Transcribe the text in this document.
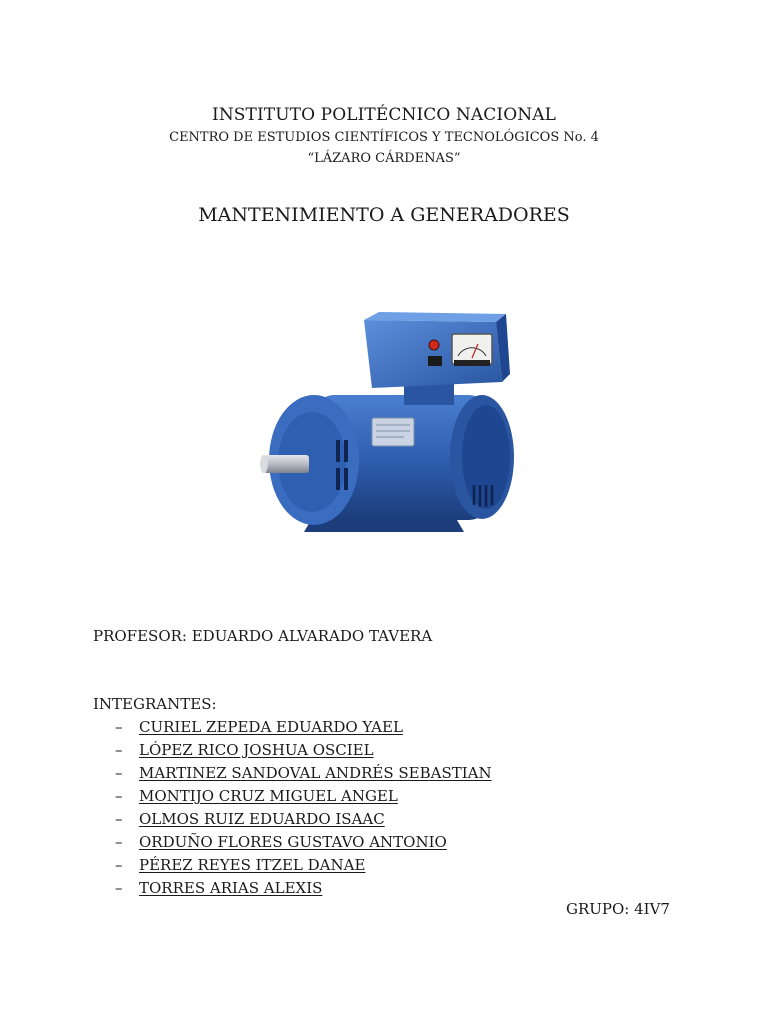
INSTITUTO POLITÉCNICO NACIONAL
CENTRO DE ESTUDIOS CIENTÍFICOS Y TECNOLÓGICOS No. 4
“LÁZARO CÁRDENAS”
MANTENIMIENTO A GENERADORES
PROFESOR: EDUARDO ALVARADO TAVERA
INTEGRANTES:
– CURIEL ZEPEDA EDUARDO YAEL
– LÓPEZ RICO JOSHUA OSCIEL
– MARTINEZ SANDOVAL ANDRÉS SEBASTIAN
– MONTIJO CRUZ MIGUEL ANGEL
– OLMOS RUIZ EDUARDO ISAAC
– ORDUÑO FLORES GUSTAVO ANTONIO
– PÉREZ REYES ITZEL DANAE
– TORRES ARIAS ALEXIS
GRUPO: 4IV7
